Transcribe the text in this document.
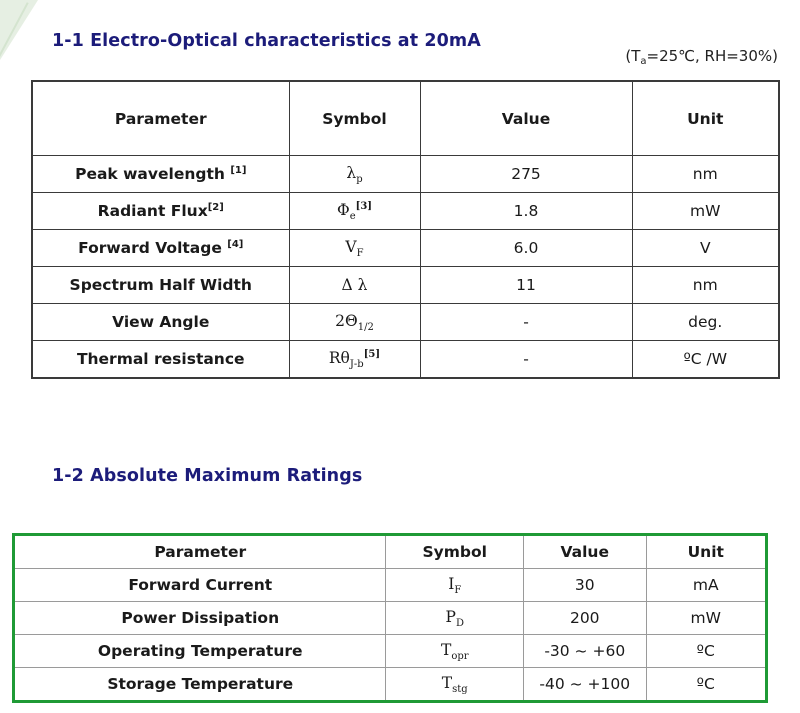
1-1 Electro-Optical characteristics at 20mA
($T_a=25℃$, RH=30%)
Parameter	Symbol	Value	Unit
Peak wavelength [1]	$\lambda_p$	275	nm
Radiant Flux[2]	$\Phi_e[3]$	1.8	mW
Forward Voltage [4]	$V_F$	6.0	V
Spectrum Half Width	Δ λ	11	nm
View Angle	$2\Theta_{1/2}$	-	deg.
Thermal resistance	$R\theta_{J-b}[5]$	-	ºC /W
1-2 Absolute Maximum Ratings
Parameter	Symbol	Value	Unit
Forward Current	$I_F$	30	mA
Power Dissipation	$P_D$	200	mW
Operating Temperature	$T_{opr}$	-30 ~ +60	ºC
Storage Temperature	$T_{stg}$	-40 ~ +100	ºC
